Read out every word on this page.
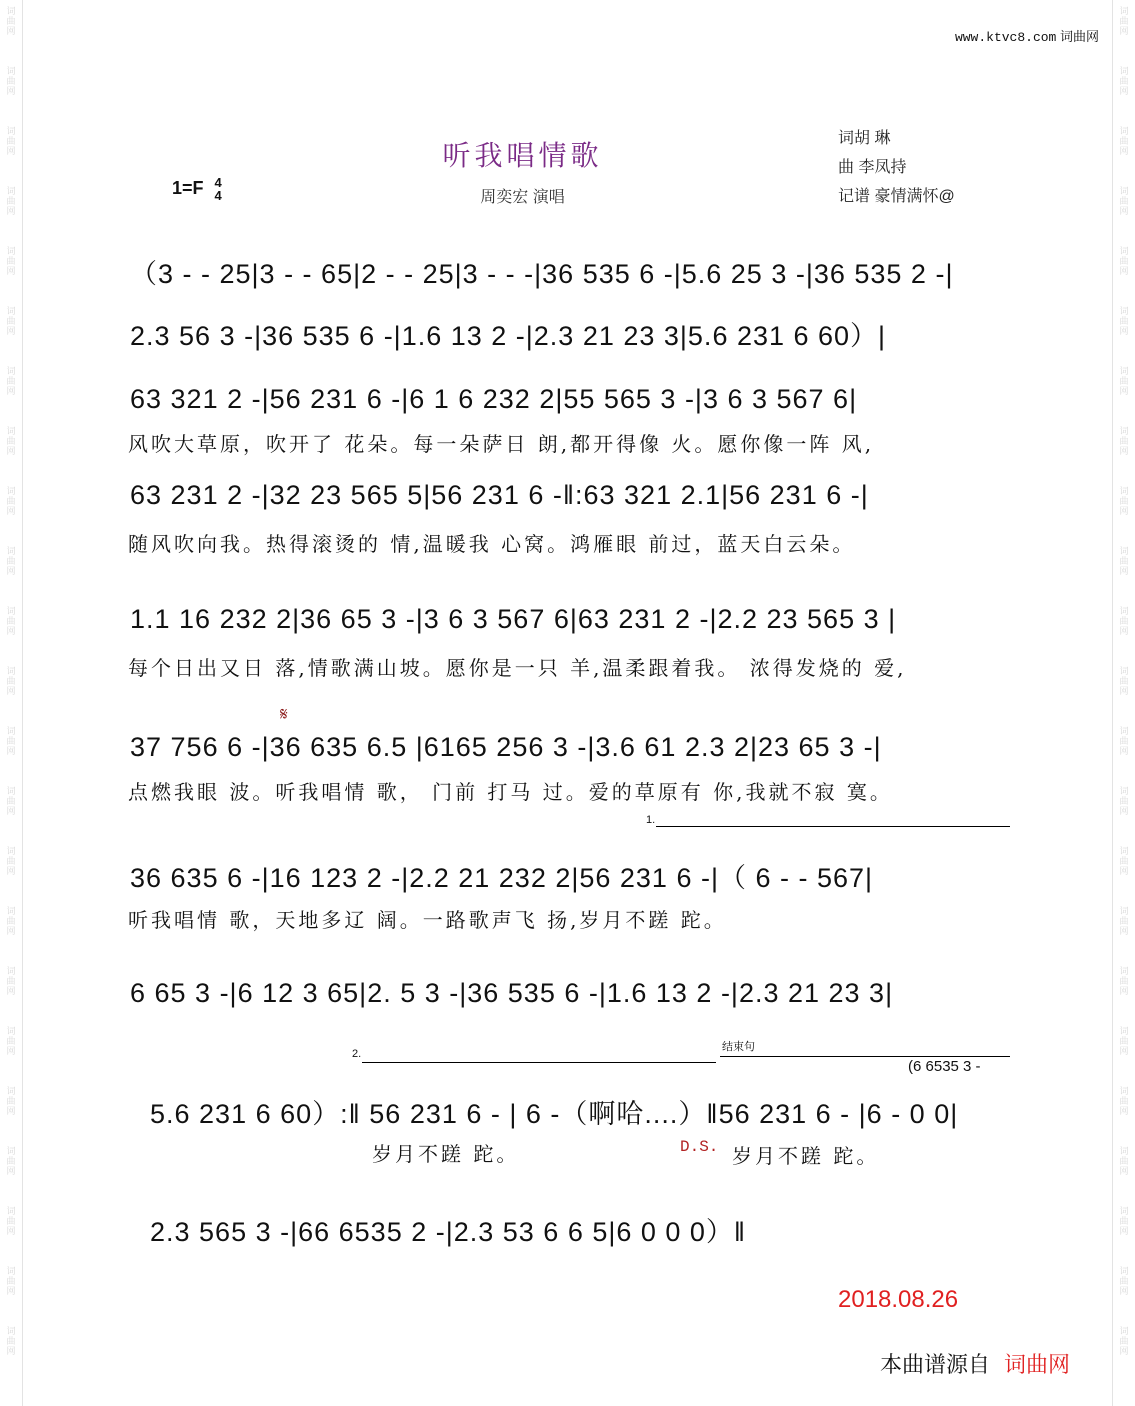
词
曲
网
词
曲
网
词
曲
网
词
曲
网
词
曲
网
词
曲
网
词
曲
网
词
曲
网
词
曲
网
词
曲
网
词
曲
网
词
曲
网
词
曲
网
词
曲
网
词
曲
网
词
曲
网
词
曲
网
词
曲
网
词
曲
网
词
曲
网
词
曲
网
词
曲
网
词
曲
网
词
曲
网
词
曲
网
词
曲
网
词
曲
网
词
曲
网
词
曲
网
词
曲
网
词
曲
网
词
曲
网
词
曲
网
词
曲
网
词
曲
网
词
曲
网
词
曲
网
词
曲
网
词
曲
网
词
曲
网
词
曲
网
词
曲
网
词
曲
网
词
曲
网
词
曲
网
词
曲
网
www.ktvc8.com 词曲网
听我唱情歌
周奕宏 演唱
1=F 4
4
词胡 琳
曲 李凤持
记谱 豪情满怀@
（3 - - 25|3 - - 65|2 - - 25|3 - - -|36 535 6 -|5.6 25 3 -|36 535 2 -|
2.3 56 3 -|36 535 6 -|1.6 13 2 -|2.3 21 23 3|5.6 231 6 60）|
63 321 2 -|56 231 6 -|6 1 6 232 2|55 565 3 -|3 6 3 567 6|
风吹大草原，吹开了 花朵。每一朵萨日 朗,都开得像 火。愿你像一阵 风,
63 231 2 -|32 23 565 5|56 231 6 -‖:63 321 2.1|56 231 6 -|
随风吹向我。热得滚烫的 情,温暖我 心窝。鸿雁眼 前过，蓝天白云朵。
1.1 16 232 2|36 65 3 -|3 6 3 567 6|63 231 2 -|2.2 23 565 3 |
每个日出又日 落,情歌满山坡。愿你是一只 羊,温柔跟着我。 浓得发烧的 爱,
𝄋
37 756 6 -|36 635 6.5 |6165 256 3 -|3.6 61 2.3 2|23 65 3 -|
点燃我眼 波。听我唱情 歌， 门前 打马 过。爱的草原有 你,我就不寂 寞。
1.
36 635 6 -|16 123 2 -|2.2 21 232 2|56 231 6 -|（ 6 - - 567|
听我唱情 歌，天地多辽 阔。一路歌声飞 扬,岁月不蹉 跎。
6 65 3 -|6 12 3 65|2. 5 3 -|36 535 6 -|1.6 13 2 -|2.3 21 23 3|
2.
结束句
(6 6535 3 -
5.6 231 6 60）:‖ 56 231 6 - | 6 -（啊哈....）‖56 231 6 - |6 - 0 0|
岁月不蹉 跎。	D.S. 岁月不蹉 跎。
2.3 565 3 -|66 6535 2 -|2.3 53 6 6 5|6 0 0 0）‖
2018.08.26
本曲谱源自 词曲网
